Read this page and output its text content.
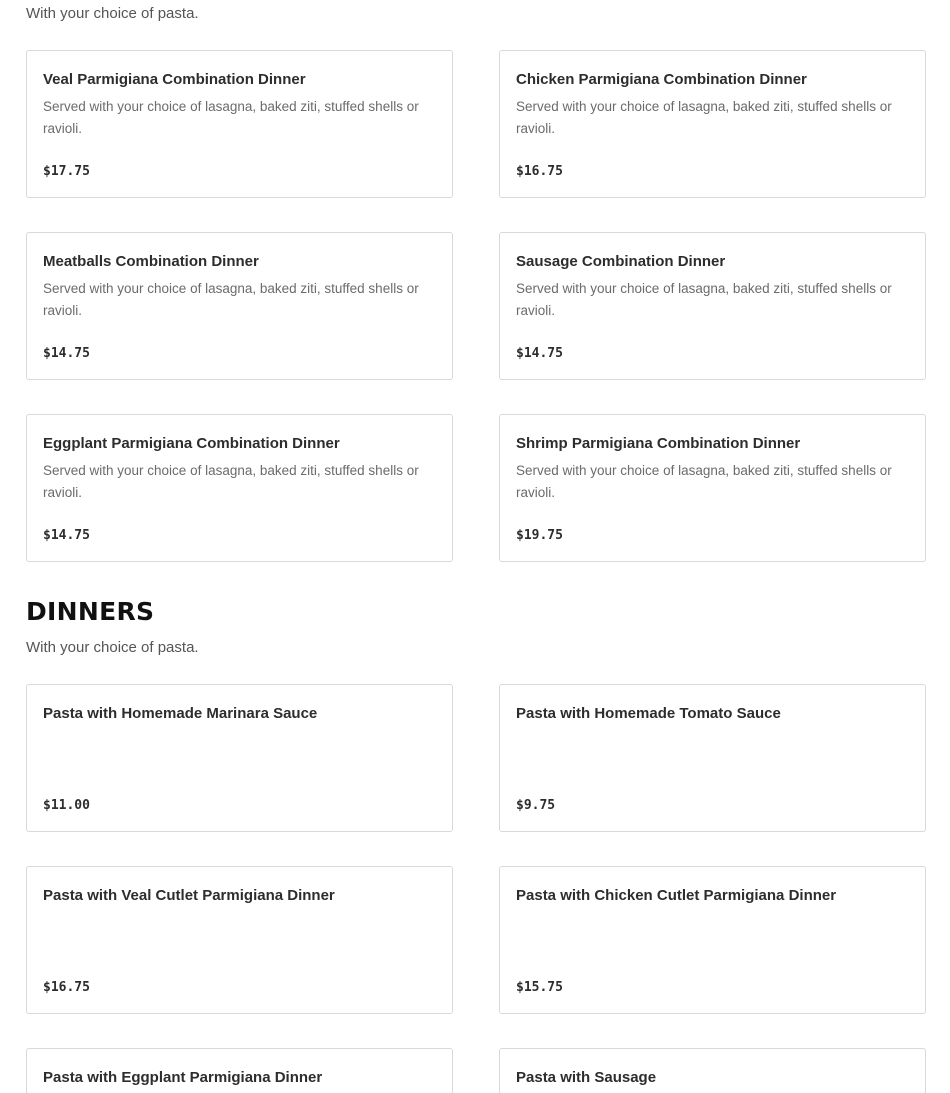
With your choice of pasta.
Veal Parmigiana Combination Dinner
Served with your choice of lasagna, baked ziti, stuffed shells or ravioli.
$17.75
Chicken Parmigiana Combination Dinner
Served with your choice of lasagna, baked ziti, stuffed shells or ravioli.
$16.75
Meatballs Combination Dinner
Served with your choice of lasagna, baked ziti, stuffed shells or ravioli.
$14.75
Sausage Combination Dinner
Served with your choice of lasagna, baked ziti, stuffed shells or ravioli.
$14.75
Eggplant Parmigiana Combination Dinner
Served with your choice of lasagna, baked ziti, stuffed shells or ravioli.
$14.75
Shrimp Parmigiana Combination Dinner
Served with your choice of lasagna, baked ziti, stuffed shells or ravioli.
$19.75
DINNERS
With your choice of pasta.
Pasta with Homemade Marinara Sauce
$11.00
Pasta with Homemade Tomato Sauce
$9.75
Pasta with Veal Cutlet Parmigiana Dinner
$16.75
Pasta with Chicken Cutlet Parmigiana Dinner
$15.75
Pasta with Eggplant Parmigiana Dinner	Pasta with Sausage
